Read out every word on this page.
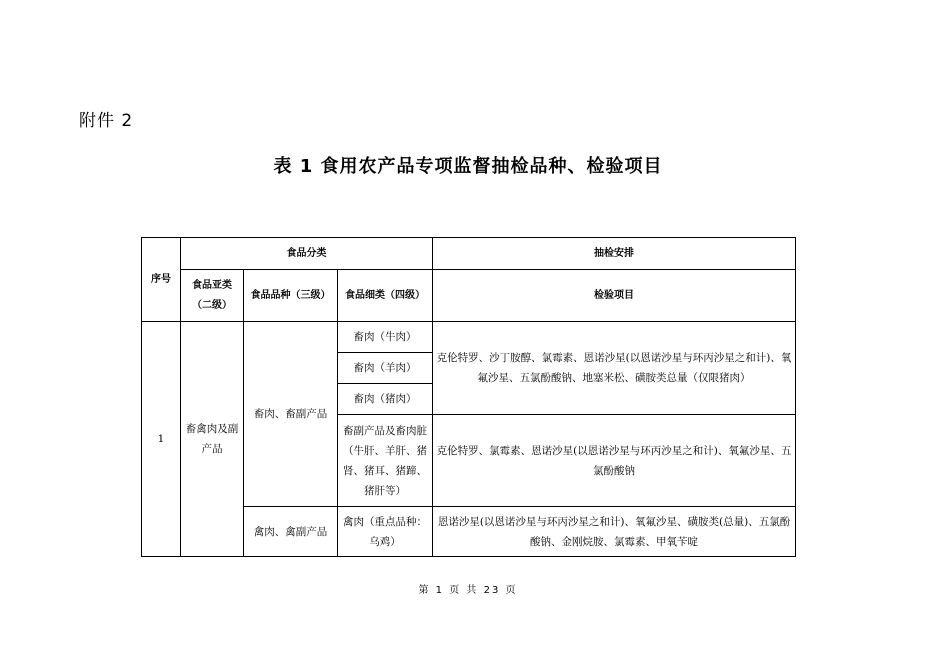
附件 2
表 1 食用农产品专项监督抽检品种、检验项目
序号	食品分类			抽检安排
	食品亚类（二级）	食品品种（三级）	食品细类（四级）	检验项目
1	畜禽肉及副产品	畜肉、畜副产品	畜肉（牛肉）	克伦特罗、沙丁胺醇、氯霉素、恩诺沙星(以恩诺沙星与环丙沙星之和计)、氧氟沙星、五氯酚酸钠、地塞米松、磺胺类总量（仅限猪肉）
			畜肉（羊肉）	
			畜肉（猪肉）	
			畜副产品及畜肉脏（牛肝、羊肝、猪肾、猪耳、猪蹄、猪肝等）	克伦特罗、氯霉素、恩诺沙星(以恩诺沙星与环丙沙星之和计)、氧氟沙星、五氯酚酸钠
		禽肉、禽副产品	禽肉（重点品种：乌鸡）	恩诺沙星(以恩诺沙星与环丙沙星之和计)、氧氟沙星、磺胺类(总量)、五氯酚酸钠、金刚烷胺、氯霉素、甲氧苄啶
第 1 页 共 23 页
